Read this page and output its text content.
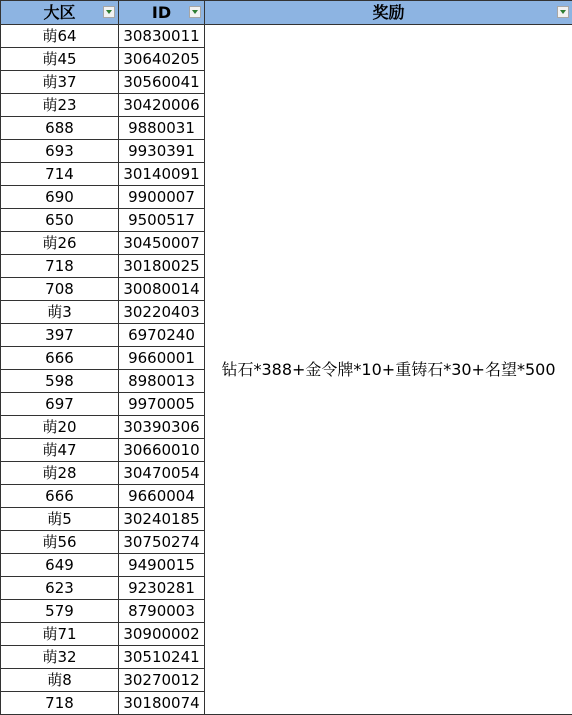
大区	ID	奖励

萌64	30830011	钻石*388+金令牌*10+重铸石*30+名望*500
萌45	30640205	
萌37	30560041	
萌23	30420006	
688	9880031	
693	9930391	
714	30140091	
690	9900007	
650	9500517	
萌26	30450007	
718	30180025	
708	30080014	
萌3	30220403	
397	6970240	
666	9660001	
598	8980013	
697	9970005	
萌20	30390306	
萌47	30660010	
萌28	30470054	
666	9660004	
萌5	30240185	
萌56	30750274	
649	9490015	
623	9230281	
579	8790003	
萌71	30900002	
萌32	30510241	
萌8	30270012	
718	30180074	
